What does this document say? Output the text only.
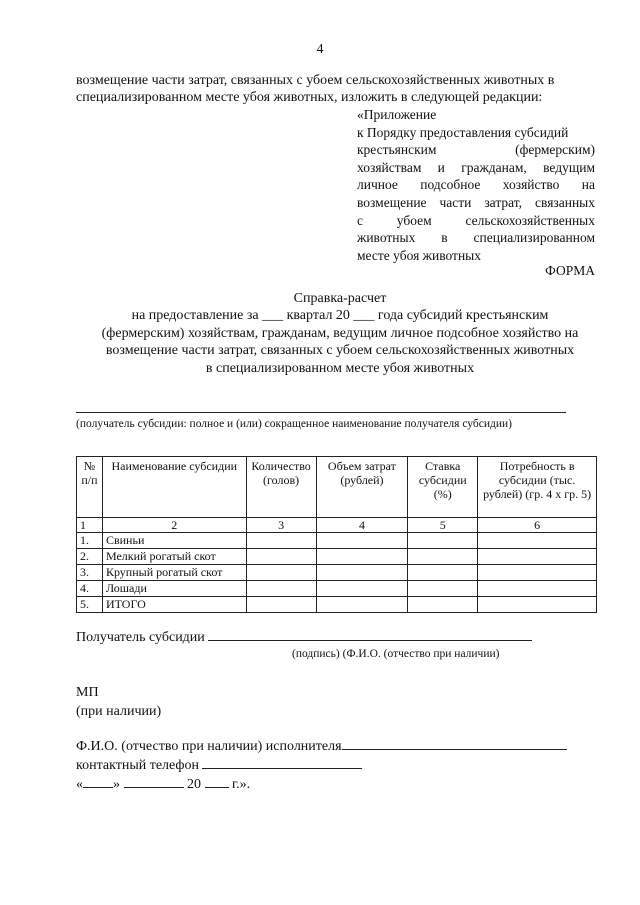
4
возмещение части затрат, связанных с убоем сельскохозяйственных животных в
специализированном месте убоя животных, изложить в следующей редакции:
«Приложение
к Порядку предоставления субсидий
крестьянским (фермерским)
хозяйствам и гражданам, ведущим
личное подсобное хозяйство на
возмещение части затрат, связанных
с убоем сельскохозяйственных
животных в специализированном
месте убоя животных
ФОРМА
Справка-расчет
на предоставление за ___ квартал 20 ___ года субсидий крестьянским
(фермерским) хозяйствам, гражданам, ведущим личное подсобное хозяйство на
возмещение части затрат, связанных с убоем сельскохозяйственных животных
в специализированном месте убоя животных
(получатель субсидии: полное и (или) сокращенное наименование получателя субсидии)
№ п/п	Наименование субсидии	Количество (голов)	Объем затрат (рублей)	Ставка субсидии (%)	Потребность в субсидии (тыс. рублей) (гр. 4 х гр. 5)
1	2	3	4	5	6
1.	Свиньи				
2.	Мелкий рогатый скот				
3.	Крупный рогатый скот				
4.	Лошади				
5.	ИТОГО				
Получатель субсидии
(подпись) (Ф.И.О. (отчество при наличии)
МП
(при наличии)
Ф.И.О. (отчество при наличии) исполнителя
контактный телефон
« »	20 г.».
